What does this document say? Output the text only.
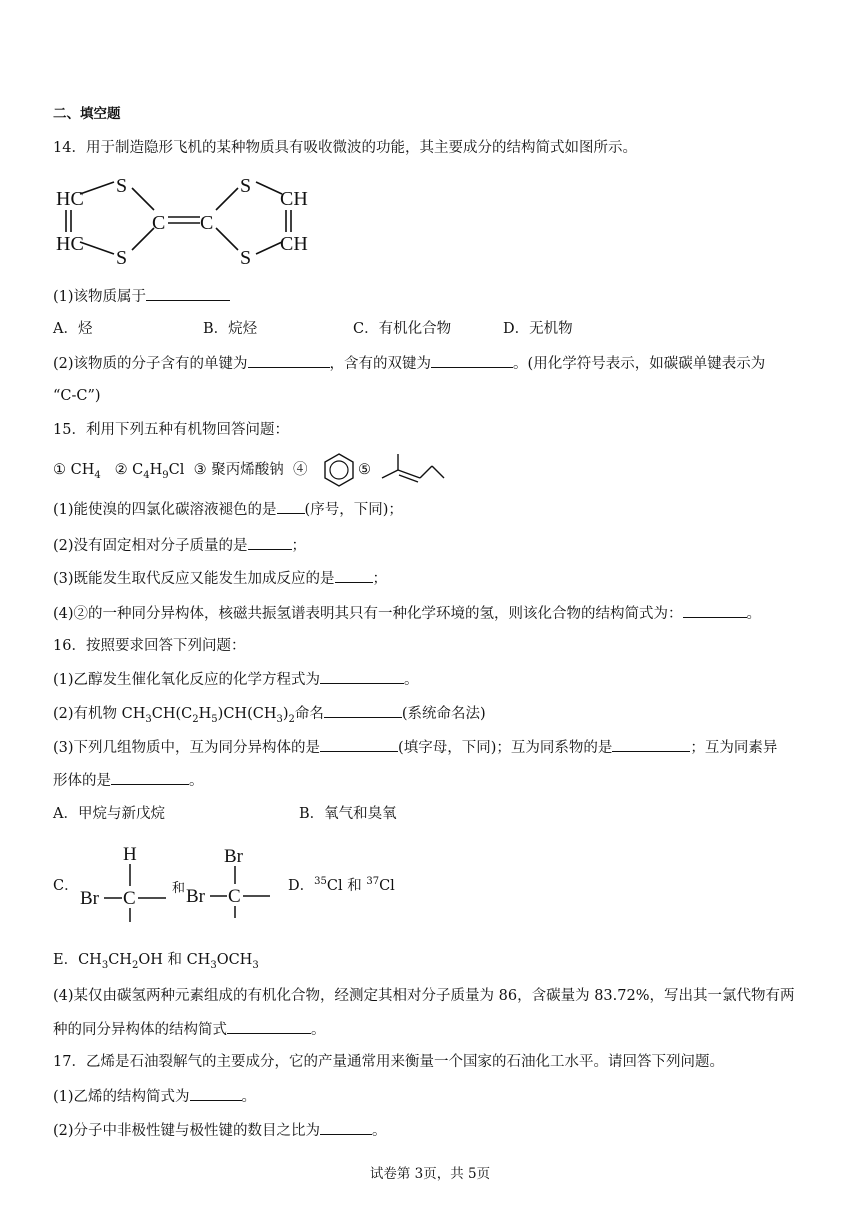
二、填空题
14．用于制造隐形飞机的某种物质具有吸收微波的功能，其主要成分的结构简式如图所示。
HC
HC
S
S
C C
S
S
CH
CH
(1)该物质属于
A．烃	B．烷烃	C．有机化合物	D．无机物
(2)该物质的分子含有的单键为	，含有的双键为	。(用化学符号表示，如碳碳单键表示为
“C-C”)
15．利用下列五种有机物回答问题：
① $CH_4$ ② $C_4H_9Cl$ ③ 聚丙烯酸钠 ④	⑤
(1)能使溴的四氯化碳溶液褪色的是 (序号，下同)；
(2)没有固定相对分子质量的是	；
(3)既能发生取代反应又能发生加成反应的是	；
(4)②的一种同分异构体，核磁共振氢谱表明其只有一种化学环境的氢，则该化合物的结构简式为：	。
16．按照要求回答下列问题：
(1)乙醇发生催化氧化反应的化学方程式为	。
(2)有机物 $CH_3CH(C_2H_5)CH(CH_3)_2$命名	(系统命名法)
(3)下列几组物质中，互为同分异构体的是	(填字母，下同)；互为同系物的是	；互为同素异
形体的是	。
A．甲烷与新戊烷	B．氧气和臭氧
C．
H
Br C
和 Br
Br
C	D．$^{35}$Cl 和 $^{37}$Cl
E．$CH_3CH_2OH$ 和 $CH_3OCH_3$
(4)某仅由碳氢两种元素组成的有机化合物，经测定其相对分子质量为 86，含碳量为 83.72%，写出其一氯代物有两
种的同分异构体的结构简式	。
17．乙烯是石油裂解气的主要成分，它的产量通常用来衡量一个国家的石油化工水平。请回答下列问题。
(1)乙烯的结构简式为	。
(2)分子中非极性键与极性键的数目之比为	。
试卷第 3页，共 5页
